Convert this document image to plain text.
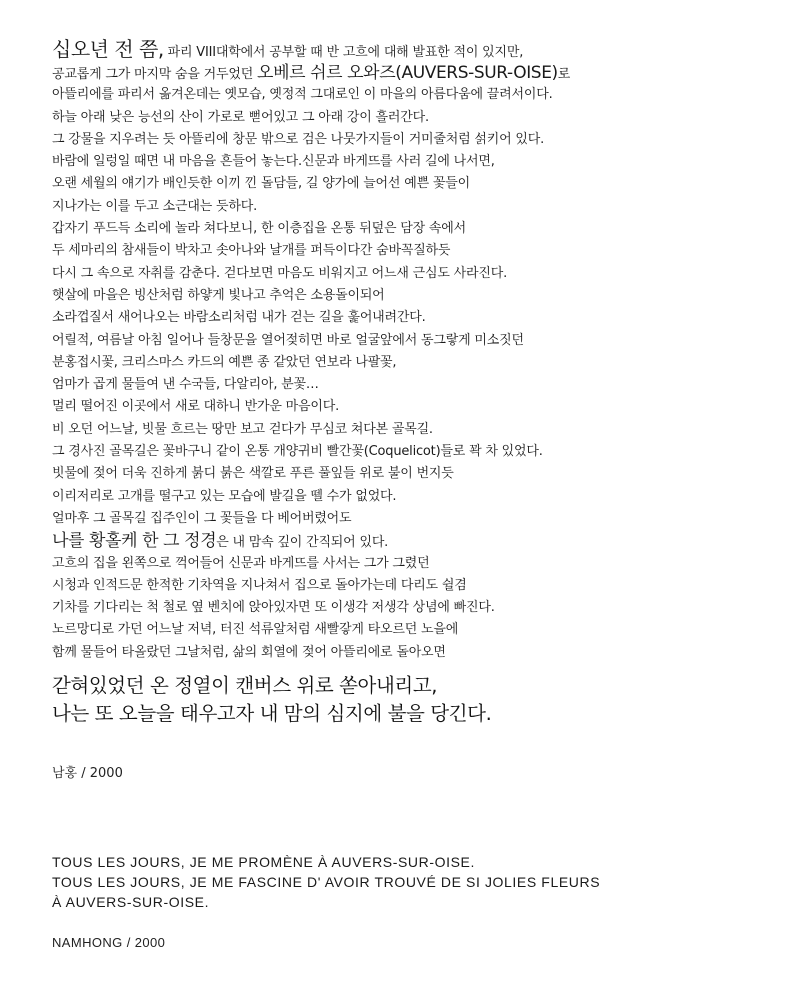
십오년 전 쯤, 파리 VIII대학에서 공부할 때 반 고흐에 대해 발표한 적이 있지만,
공교롭게 그가 마지막 숨을 거두었던 오베르 쉬르 오와즈(AUVERS-SUR-OISE)로
아뜰리에를 파리서 옮겨온데는 옛모습, 옛정적 그대로인 이 마을의 아름다움에 끌려서이다.
하늘 아래 낮은 능선의 산이 가로로 뻗어있고 그 아래 강이 흘러간다.
그 강물을 지우려는 듯 아뜰리에 창문 밖으로 검은 나뭇가지들이 거미줄처럼 섥키어 있다.
바람에 일렁일 때면 내 마음을 흔들어 놓는다.신문과 바게뜨를 사러 길에 나서면,
오랜 세월의 얘기가 배인듯한 이끼 낀 돌담들, 길 양가에 늘어선 예쁜 꽃들이
지나가는 이를 두고 소근대는 듯하다.
갑자기 푸드득 소리에 놀라 쳐다보니, 한 이층집을 온통 뒤덮은 담장 속에서
두 세마리의 참새들이 박차고 솟아나와 날개를 퍼득이다간 숨바꼭질하듯
다시 그 속으로 자취를 감춘다. 걷다보면 마음도 비워지고 어느새 근심도 사라진다.
햇살에 마을은 빙산처럼 하얗게 빛나고 추억은 소용돌이되어
소라껍질서 새어나오는 바람소리처럼 내가 걷는 길을 훑어내려간다.
어릴적, 여름날 아침 일어나 들창문을 열어젖히면 바로 얼굴앞에서 동그랗게 미소짓던
분홍접시꽃, 크리스마스 카드의 예쁜 종 같았던 연보라 나팔꽃,
엄마가 곱게 물들여 낸 수국들, 다알리아, 분꽃…
멀리 떨어진 이곳에서 새로 대하니 반가운 마음이다.
비 오던 어느날, 빗물 흐르는 땅만 보고 걷다가 무심코 쳐다본 골목길.
그 경사진 골목길은 꽃바구니 같이 온통 개양귀비 빨간꽃(Coquelicot)들로 꽉 차 있었다.
빗물에 젖어 더욱 진하게 붉디 붉은 색깔로 푸른 풀잎들 위로 불이 번지듯
이리저리로 고개를 떨구고 있는 모습에 발길을 뗄 수가 없었다.
얼마후 그 골목길 집주인이 그 꽃들을 다 베어버렸어도
나를 황홀케 한 그 정경은 내 맘속 깊이 간직되어 있다.
고흐의 집을 왼쪽으로 꺽어들어 신문과 바게뜨를 사서는 그가 그렸던
시청과 인적드문 한적한 기차역을 지나쳐서 집으로 돌아가는데 다리도 쉴겸
기차를 기다리는 척 철로 옆 벤치에 앉아있자면 또 이생각 저생각 상념에 빠진다.
노르망디로 가던 어느날 저녁, 터진 석류알처럼 새빨갛게 타오르던 노을에
함께 물들어 타올랐던 그날처럼, 삶의 회열에 젖어 아뜰리에로 돌아오면
갇혀있었던 온 정열이 캔버스 위로 쏟아내리고,
나는 또 오늘을 태우고자 내 맘의 심지에 불을 당긴다.
남홍 / 2000
TOUS LES JOURS, JE ME PROMÈNE À AUVERS-SUR-OISE.
TOUS LES JOURS, JE ME FASCINE D' AVOIR TROUVÉ DE SI JOLIES FLEURS
À AUVERS-SUR-OISE.
NAMHONG / 2000
